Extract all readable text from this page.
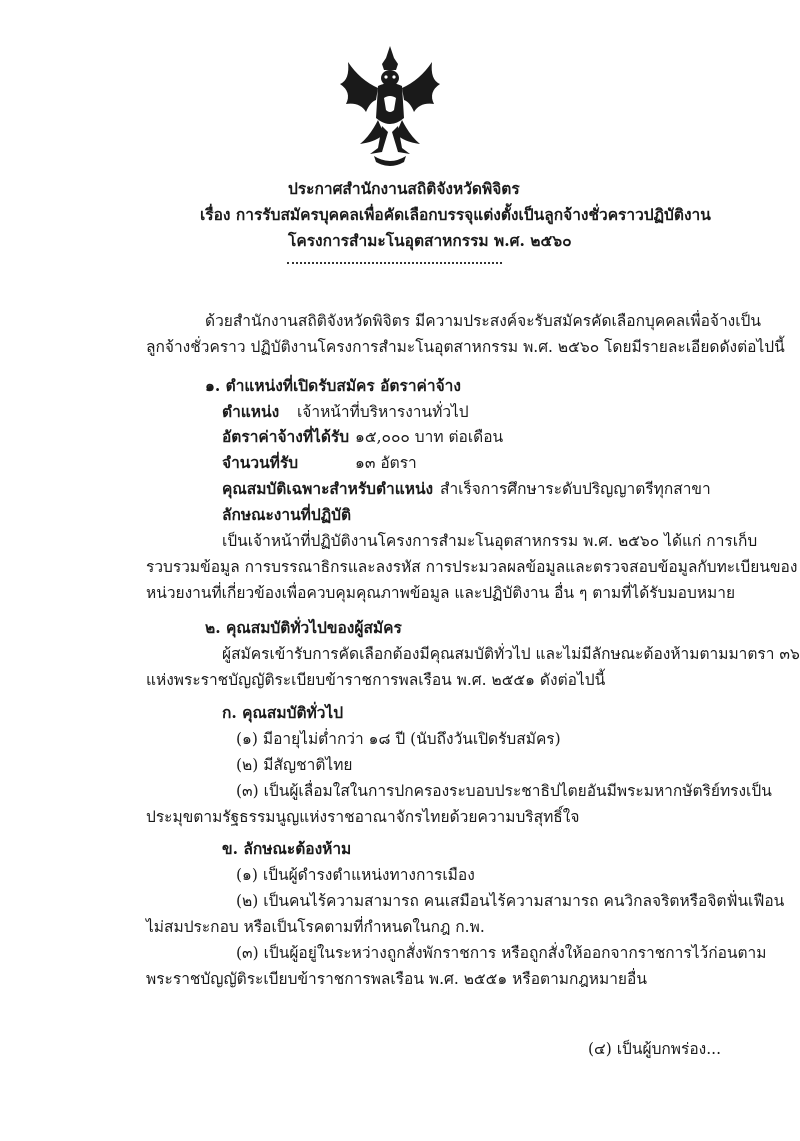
ประกาศสำนักงานสถิติจังหวัดพิจิตร
เรื่อง การรับสมัครบุคคลเพื่อคัดเลือกบรรจุแต่งตั้งเป็นลูกจ้างชั่วคราวปฏิบัติงาน
โครงการสำมะโนอุตสาหกรรม พ.ศ. ๒๕๖๐
ด้วยสำนักงานสถิติจังหวัดพิจิตร มีความประสงค์จะรับสมัครคัดเลือกบุคคลเพื่อจ้างเป็น
ลูกจ้างชั่วคราว ปฏิบัติงานโครงการสำมะโนอุตสาหกรรม พ.ศ. ๒๕๖๐ โดยมีรายละเอียดดังต่อไปนี้
๑. ตำแหน่งที่เปิดรับสมัคร อัตราค่าจ้าง
ตำแหน่ง เจ้าหน้าที่บริหารงานทั่วไป
อัตราค่าจ้างที่ได้รับ ๑๕,๐๐๐ บาท ต่อเดือน
จำนวนที่รับ	๑๓ อัตรา
คุณสมบัติเฉพาะสำหรับตำแหน่ง สำเร็จการศึกษาระดับปริญญาตรีทุกสาขา
ลักษณะงานที่ปฏิบัติ
เป็นเจ้าหน้าที่ปฏิบัติงานโครงการสำมะโนอุตสาหกรรม พ.ศ. ๒๕๖๐ ได้แก่ การเก็บ
รวบรวมข้อมูล การบรรณาธิกรและลงรหัส การประมวลผลข้อมูลและตรวจสอบข้อมูลกับทะเบียนของ
หน่วยงานที่เกี่ยวข้องเพื่อควบคุมคุณภาพข้อมูล และปฏิบัติงาน อื่น ๆ ตามที่ได้รับมอบหมาย
๒. คุณสมบัติทั่วไปของผู้สมัคร
ผู้สมัครเข้ารับการคัดเลือกต้องมีคุณสมบัติทั่วไป และไม่มีลักษณะต้องห้ามตามมาตรา ๓๖
แห่งพระราชบัญญัติระเบียบข้าราชการพลเรือน พ.ศ. ๒๕๕๑ ดังต่อไปนี้
ก. คุณสมบัติทั่วไป
(๑) มีอายุไม่ต่ำกว่า ๑๘ ปี (นับถึงวันเปิดรับสมัคร)
(๒) มีสัญชาติไทย
(๓) เป็นผู้เลื่อมใสในการปกครองระบอบประชาธิปไตยอันมีพระมหากษัตริย์ทรงเป็น
ประมุขตามรัฐธรรมนูญแห่งราชอาณาจักรไทยด้วยความบริสุทธิ์ใจ
ข. ลักษณะต้องห้าม
(๑) เป็นผู้ดำรงตำแหน่งทางการเมือง
(๒) เป็นคนไร้ความสามารถ คนเสมือนไร้ความสามารถ คนวิกลจริตหรือจิตฟั่นเฟือน
ไม่สมประกอบ หรือเป็นโรคตามที่กำหนดในกฎ ก.พ.
(๓) เป็นผู้อยู่ในระหว่างถูกสั่งพักราชการ หรือถูกสั่งให้ออกจากราชการไว้ก่อนตาม
พระราชบัญญัติระเบียบข้าราชการพลเรือน พ.ศ. ๒๕๕๑ หรือตามกฎหมายอื่น
(๔) เป็นผู้บกพร่อง...
